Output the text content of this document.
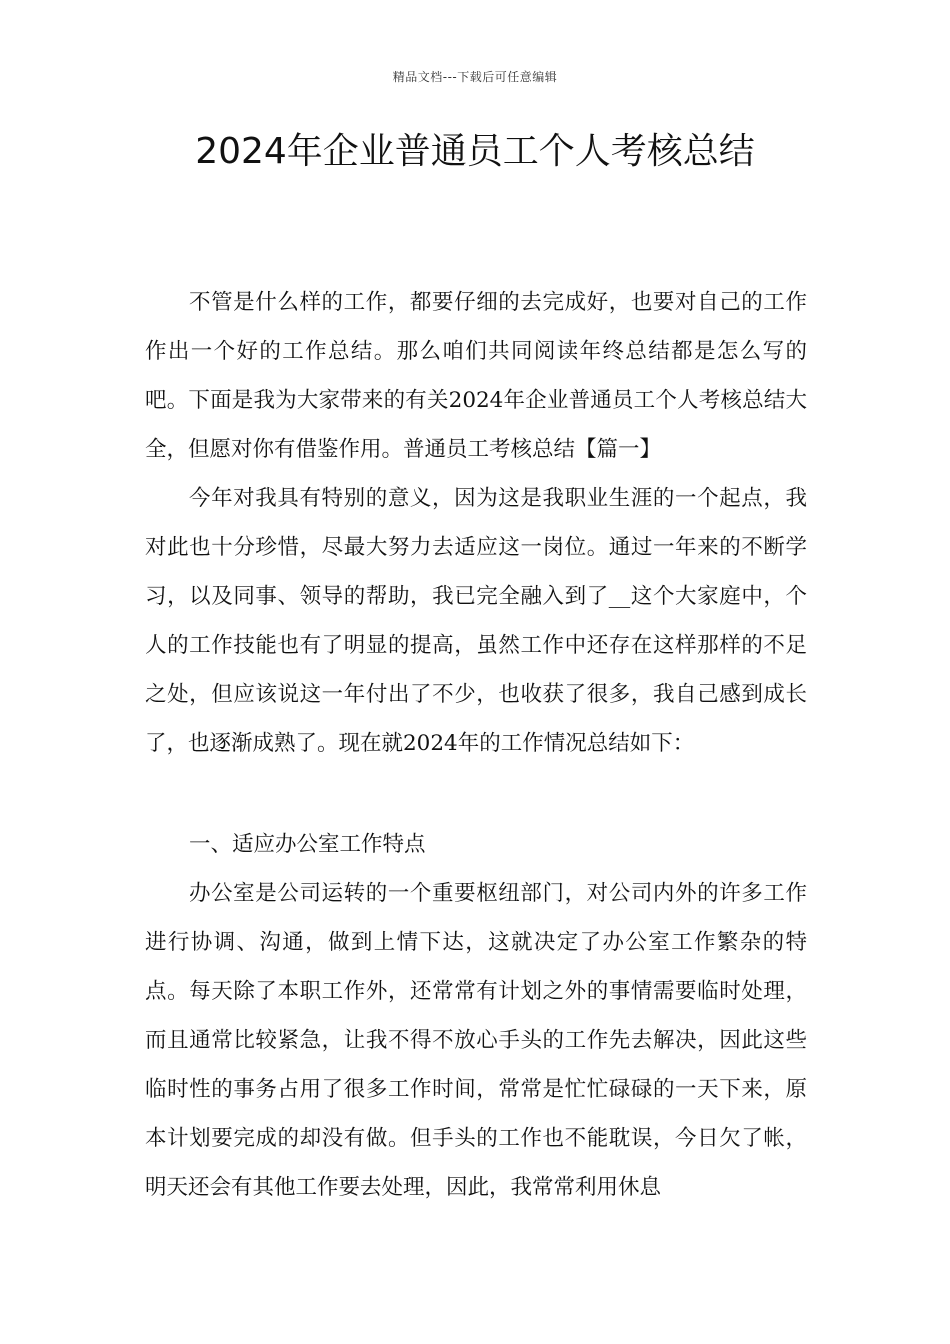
精品文档---下载后可任意编辑
2024年企业普通员工个人考核总结

不管是什么样的工作，都要仔细的去完成好，也要对自己的工作作出一个好的工作总结。那么咱们共同阅读年终总结都是怎么写的吧。下面是我为大家带来的有关2024年企业普通员工个人考核总结大全，但愿对你有借鉴作用。普通员工考核总结【篇一】

今年对我具有特别的意义，因为这是我职业生涯的一个起点，我对此也十分珍惜，尽最大努力去适应这一岗位。通过一年来的不断学习，以及同事、领导的帮助，我已完全融入到了__这个大家庭中，个人的工作技能也有了明显的提高，虽然工作中还存在这样那样的不足之处，但应该说这一年付出了不少，也收获了很多，我自己感到成长了，也逐渐成熟了。现在就2024年的工作情况总结如下：

一、适应办公室工作特点

办公室是公司运转的一个重要枢纽部门，对公司内外的许多工作进行协调、沟通，做到上情下达，这就决定了办公室工作繁杂的特点。每天除了本职工作外，还常常有计划之外的事情需要临时处理，而且通常比较紧急，让我不得不放心手头的工作先去解决，因此这些临时性的事务占用了很多工作时间，常常是忙忙碌碌的一天下来，原本计划要完成的却没有做。但手头的工作也不能耽误，今日欠了帐，明天还会有其他工作要去处理，因此，我常常利用休息
